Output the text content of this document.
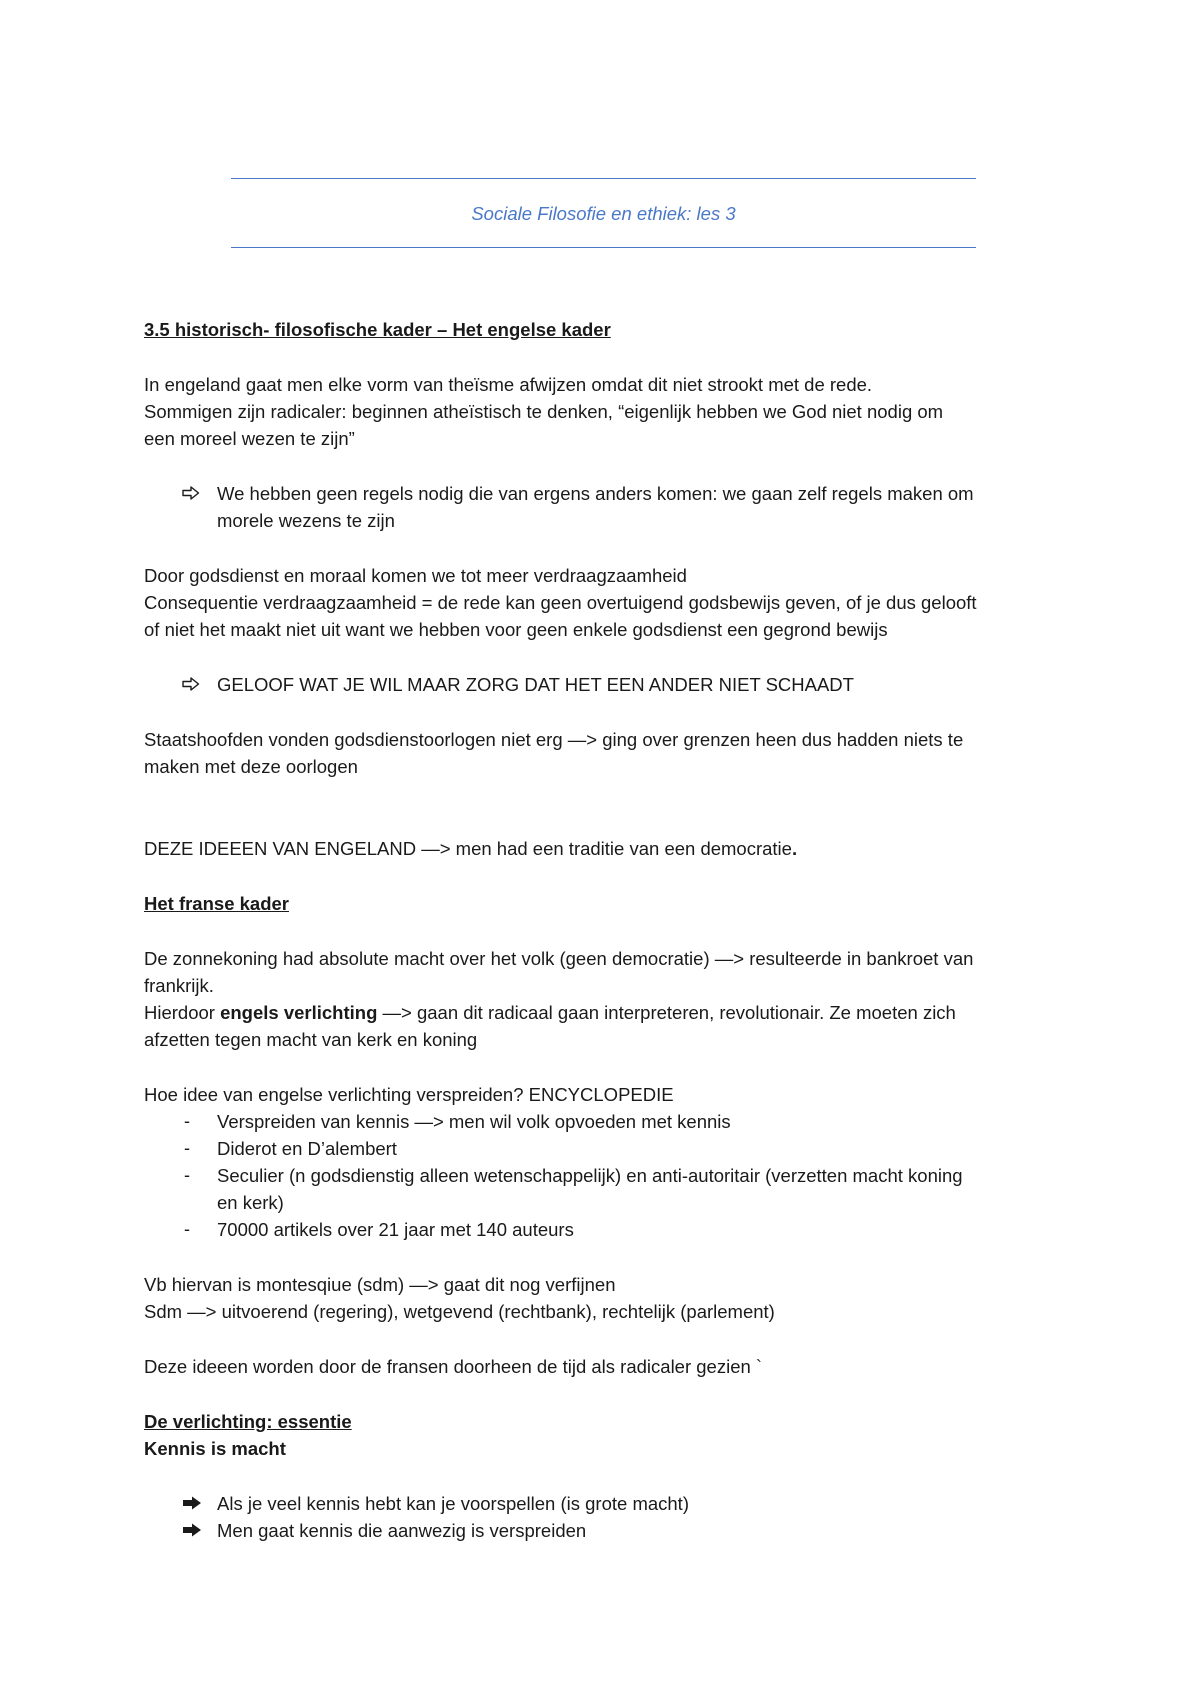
Sociale Filosofie en ethiek: les 3
3.5 historisch- filosofische kader – Het engelse kader
In engeland gaat men elke vorm van theïsme afwijzen omdat dit niet strookt met de rede.
Sommigen zijn radicaler: beginnen atheïstisch te denken, “eigenlijk hebben we God niet nodig om
een moreel wezen te zijn”
We hebben geen regels nodig die van ergens anders komen: we gaan zelf regels maken om
morele wezens te zijn
Door godsdienst en moraal komen we tot meer verdraagzaamheid
Consequentie verdraagzaamheid = de rede kan geen overtuigend godsbewijs geven, of je dus gelooft
of niet het maakt niet uit want we hebben voor geen enkele godsdienst een gegrond bewijs
GELOOF WAT JE WIL MAAR ZORG DAT HET EEN ANDER NIET SCHAADT
Staatshoofden vonden godsdienstoorlogen niet erg —> ging over grenzen heen dus hadden niets te
maken met deze oorlogen
DEZE IDEEEN VAN ENGELAND —> men had een traditie van een democratie.
Het franse kader
De zonnekoning had absolute macht over het volk (geen democratie) —> resulteerde in bankroet van
frankrijk.
Hierdoor engels verlichting —> gaan dit radicaal gaan interpreteren, revolutionair. Ze moeten zich
afzetten tegen macht van kerk en koning
Hoe idee van engelse verlichting verspreiden? ENCYCLOPEDIE
- Verspreiden van kennis —> men wil volk opvoeden met kennis
- Diderot en D’alembert
- Seculier (n godsdienstig alleen wetenschappelijk) en anti-autoritair (verzetten macht koning
en kerk)
- 70000 artikels over 21 jaar met 140 auteurs
Vb hiervan is montesqiue (sdm) —> gaat dit nog verfijnen
Sdm —> uitvoerend (regering), wetgevend (rechtbank), rechtelijk (parlement)
Deze ideeen worden door de fransen doorheen de tijd als radicaler gezien `
De verlichting: essentie
Kennis is macht
Als je veel kennis hebt kan je voorspellen (is grote macht)
Men gaat kennis die aanwezig is verspreiden
